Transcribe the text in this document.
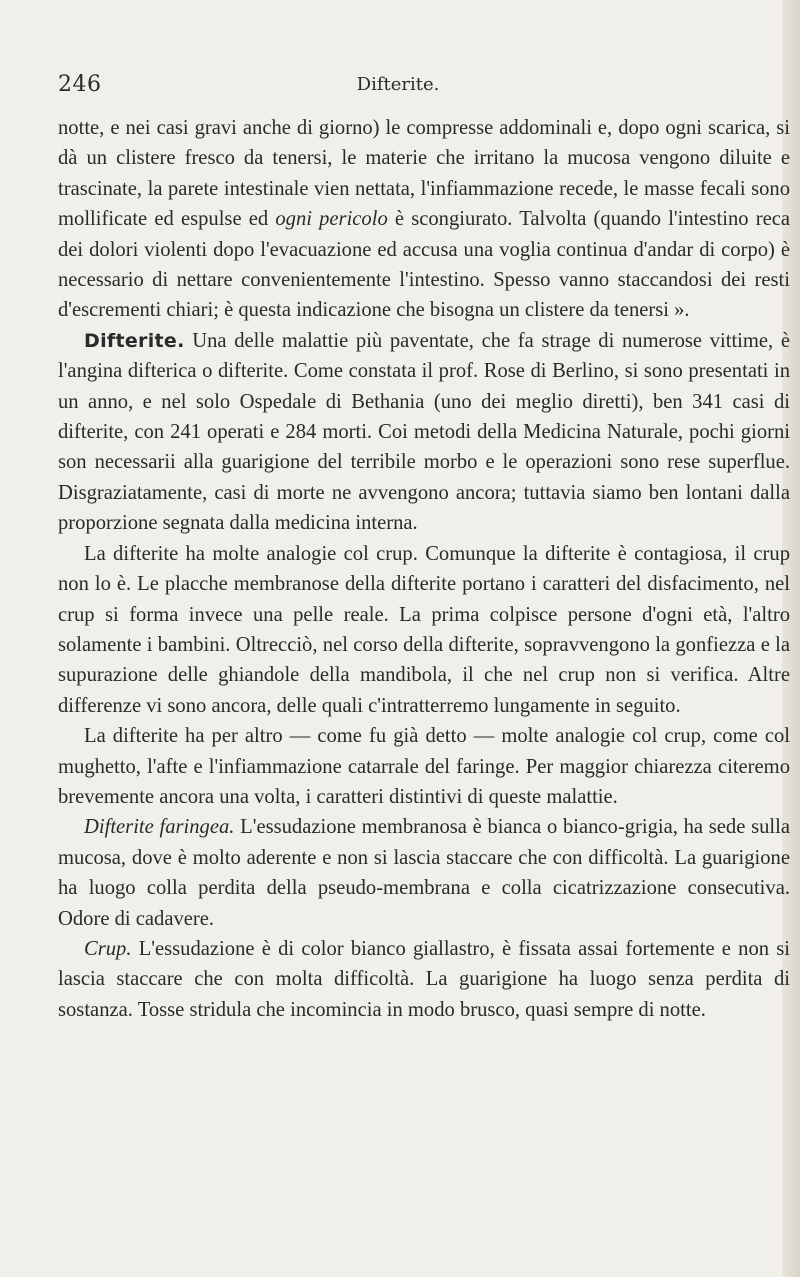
246	Difterite.

notte, e nei casi gravi anche di giorno) le compresse addominali e, dopo ogni scarica, si dà un clistere fresco da tenersi, le materie che irritano la mucosa vengono diluite e trascinate, la parete intestinale vien nettata, l'infiammazione recede, le masse fecali sono mollificate ed espulse ed ogni pericolo è scongiurato. Talvolta (quando l'intestino reca dei dolori violenti dopo l'evacuazione ed accusa una voglia continua d'andar di corpo) è necessario di nettare convenientemente l'intestino. Spesso vanno staccandosi dei resti d'escrementi chiari; è questa indicazione che bisogna un clistere da tenersi ».

Difterite. Una delle malattie più paventate, che fa strage di numerose vittime, è l'angina difterica o difterite. Come constata il prof. Rose di Berlino, si sono presentati in un anno, e nel solo Ospedale di Bethania (uno dei meglio diretti), ben 341 casi di difterite, con 241 operati e 284 morti. Coi metodi della Medicina Naturale, pochi giorni son necessarii alla guarigione del terribile morbo e le operazioni sono rese superflue. Disgraziatamente, casi di morte ne avvengono ancora; tuttavia siamo ben lontani dalla proporzione segnata dalla medicina interna.

La difterite ha molte analogie col crup. Comunque la difterite è contagiosa, il crup non lo è. Le placche membranose della difterite portano i caratteri del disfacimento, nel crup si forma invece una pelle reale. La prima colpisce persone d'ogni età, l'altro solamente i bambini. Oltrecciò, nel corso della difterite, sopravvengono la gonfiezza e la supurazione delle ghiandole della mandibola, il che nel crup non si verifica. Altre differenze vi sono ancora, delle quali c'intratterremo lungamente in seguito.

La difterite ha per altro — come fu già detto — molte analogie col crup, come col mughetto, l'afte e l'infiammazione catarrale del faringe. Per maggior chiarezza citeremo brevemente ancora una volta, i caratteri distintivi di queste malattie.

Difterite faringea. L'essudazione membranosa è bianca o bianco-grigia, ha sede sulla mucosa, dove è molto aderente e non si lascia staccare che con difficoltà. La guarigione ha luogo colla perdita della pseudo-membrana e colla cicatrizzazione consecutiva. Odore di cadavere.

Crup. L'essudazione è di color bianco giallastro, è fissata assai fortemente e non si lascia staccare che con molta difficoltà. La guarigione ha luogo senza perdita di sostanza. Tosse stridula che incomincia in modo brusco, quasi sempre di notte.
